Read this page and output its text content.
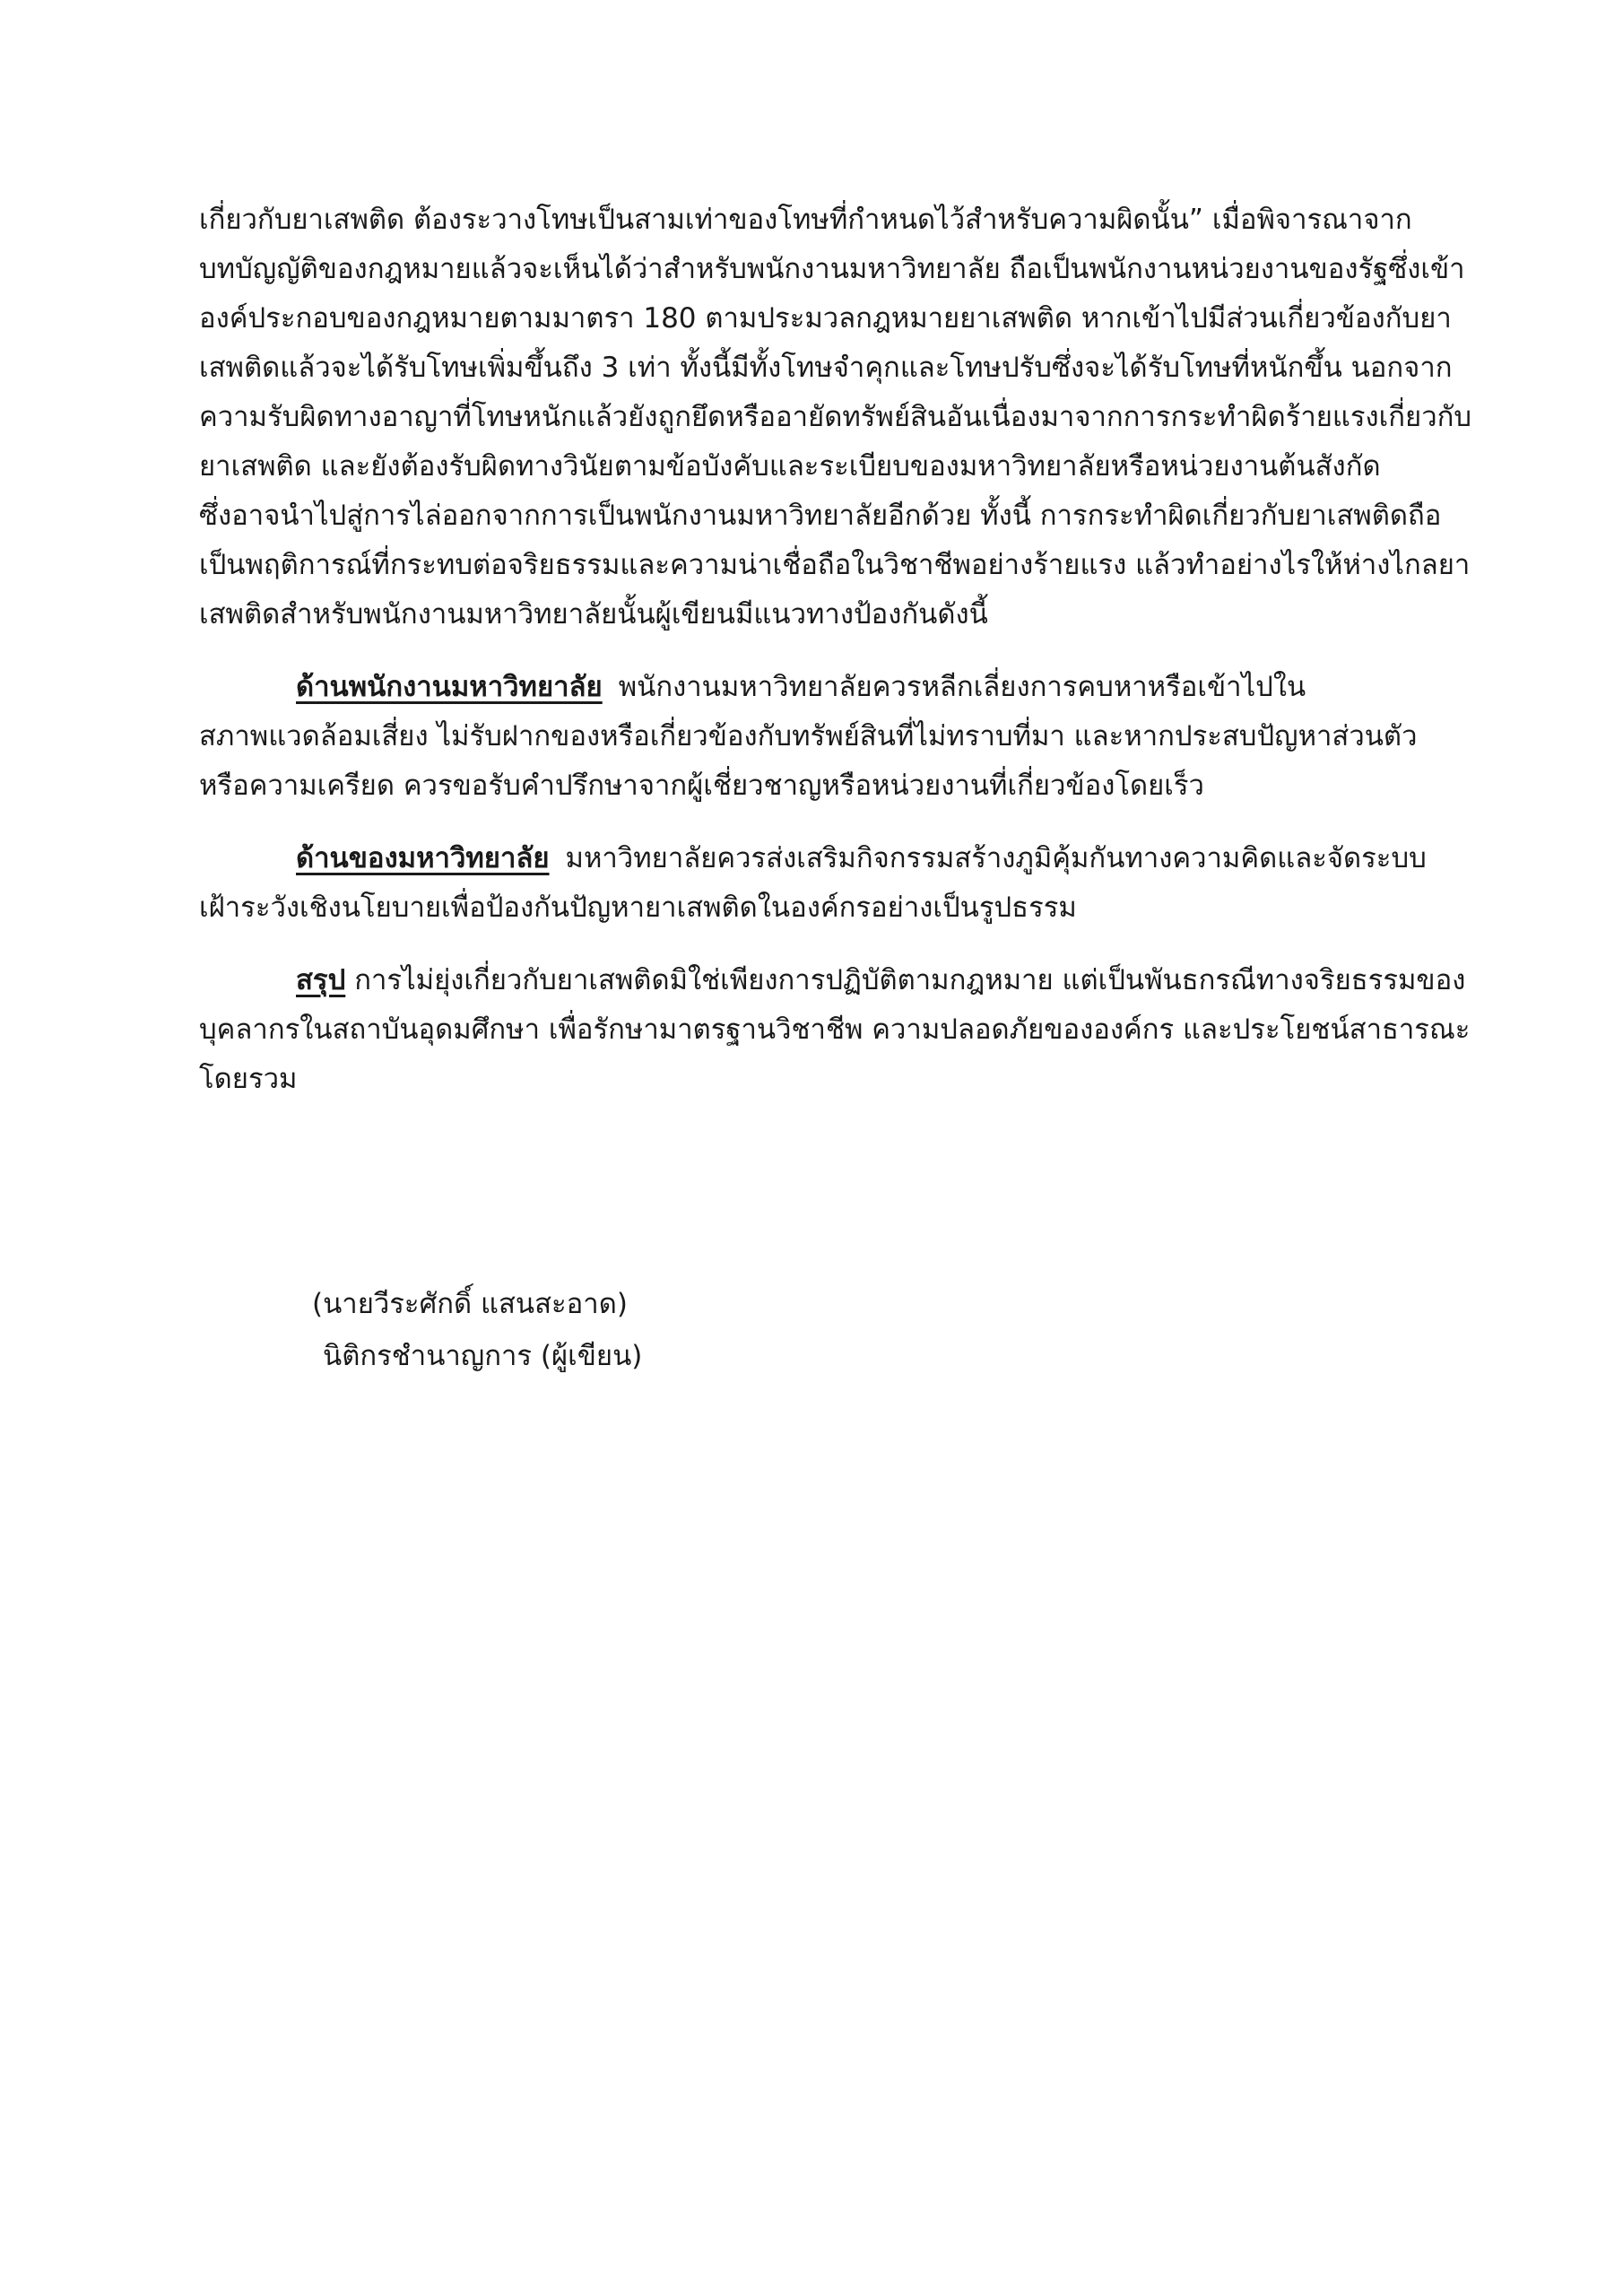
เกี่ยวกับยาเสพติด ต้องระวางโทษเป็นสามเท่าของโทษที่กำหนดไว้สำหรับความผิดนั้น” เมื่อพิจารณาจาก

บทบัญญัติของกฎหมายแล้วจะเห็นได้ว่าสำหรับพนักงานมหาวิทยาลัย ถือเป็นพนักงานหน่วยงานของรัฐซึ่งเข้า

องค์ประกอบของกฎหมายตามมาตรา 180 ตามประมวลกฎหมายยาเสพติด หากเข้าไปมีส่วนเกี่ยวข้องกับยา

เสพติดแล้วจะได้รับโทษเพิ่มขึ้นถึง 3 เท่า ทั้งนี้มีทั้งโทษจำคุกและโทษปรับซึ่งจะได้รับโทษที่หนักขึ้น นอกจาก

ความรับผิดทางอาญาที่โทษหนักแล้วยังถูกยึดหรืออายัดทรัพย์สินอันเนื่องมาจากการกระทำผิดร้ายแรงเกี่ยวกับ

ยาเสพติด และยังต้องรับผิดทางวินัยตามข้อบังคับและระเบียบของมหาวิทยาลัยหรือหน่วยงานต้นสังกัด

ซึ่งอาจนำไปสู่การไล่ออกจากการเป็นพนักงานมหาวิทยาลัยอีกด้วย ทั้งนี้ การกระทำผิดเกี่ยวกับยาเสพติดถือ

เป็นพฤติการณ์ที่กระทบต่อจริยธรรมและความน่าเชื่อถือในวิชาชีพอย่างร้ายแรง แล้วทำอย่างไรให้ห่างไกลยา

เสพติดสำหรับพนักงานมหาวิทยาลัยนั้นผู้เขียนมีแนวทางป้องกันดังนี้

ด้านพนักงานมหาวิทยาลัย พนักงานมหาวิทยาลัยควรหลีกเลี่ยงการคบหาหรือเข้าไปใน

สภาพแวดล้อมเสี่ยง ไม่รับฝากของหรือเกี่ยวข้องกับทรัพย์สินที่ไม่ทราบที่มา และหากประสบปัญหาส่วนตัว

หรือความเครียด ควรขอรับคำปรึกษาจากผู้เชี่ยวชาญหรือหน่วยงานที่เกี่ยวข้องโดยเร็ว

ด้านของมหาวิทยาลัย มหาวิทยาลัยควรส่งเสริมกิจกรรมสร้างภูมิคุ้มกันทางความคิดและจัดระบบ

เฝ้าระวังเชิงนโยบายเพื่อป้องกันปัญหายาเสพติดในองค์กรอย่างเป็นรูปธรรม

สรุป การไม่ยุ่งเกี่ยวกับยาเสพติดมิใช่เพียงการปฏิบัติตามกฎหมาย แต่เป็นพันธกรณีทางจริยธรรมของ

บุคลากรในสถาบันอุดมศึกษา เพื่อรักษามาตรฐานวิชาชีพ ความปลอดภัยขององค์กร และประโยชน์สาธารณะ

โดยรวม

(นายวีระศักดิ์ แสนสะอาด)

นิติกรชำนาญการ (ผู้เขียน)
